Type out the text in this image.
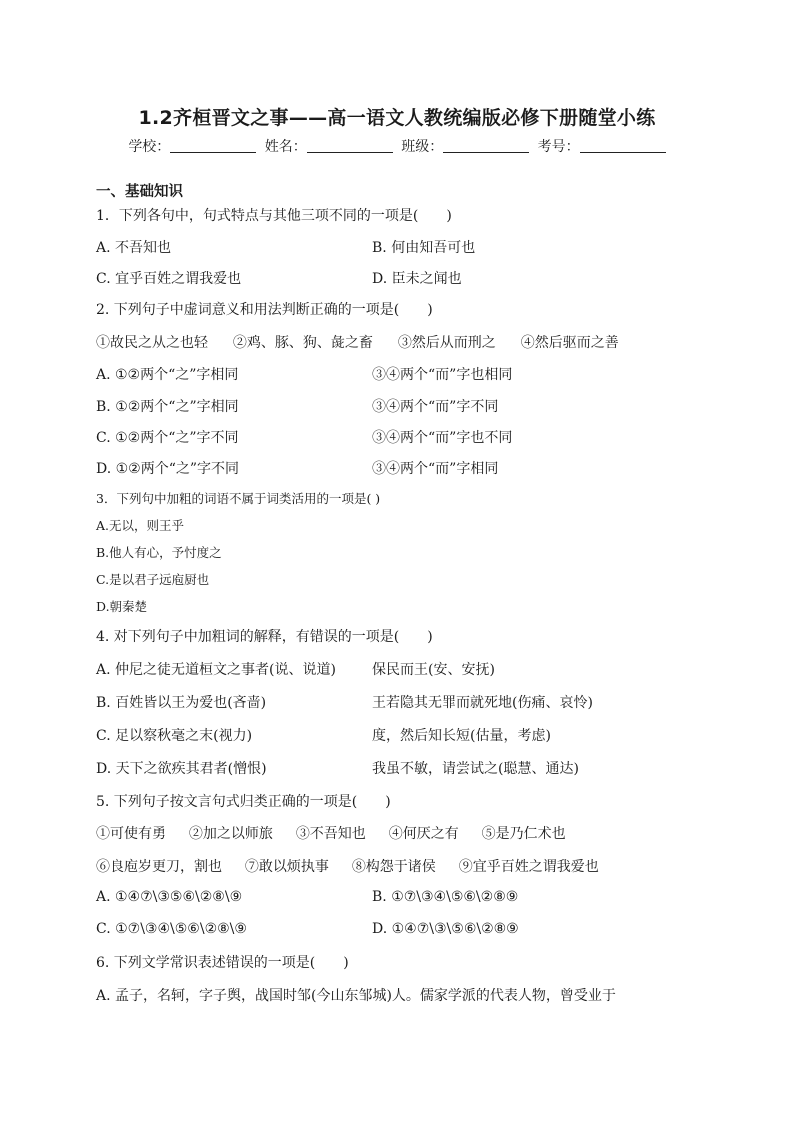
1.2齐桓晋文之事——高一语文人教统编版必修下册随堂小练
学校：	姓名：	班级：	考号：
一、基础知识
1．下列各句中，句式特点与其他三项不同的一项是(　　)
A. 不吾知也	B. 何由知吾可也
C. 宜乎百姓之谓我爱也	D. 臣未之闻也
2. 下列句子中虚词意义和用法判断正确的一项是(　　)
①故民之从之也轻 ②鸡、豚、狗、彘之畜 ③然后从而刑之 ④然后驱而之善
A. ①②两个“之”字相同	③④两个“而”字也相同
B. ①②两个“之”字相同	③④两个“而”字不同
C. ①②两个“之”字不同	③④两个“而”字也不同
D. ①②两个“之”字不同	③④两个“而”字相同
3．下列句中加粗的词语不属于词类活用的一项是( )
A.无以，则王乎
B.他人有心，予忖度之
C.是以君子远庖厨也
D.朝秦楚
4. 对下列句子中加粗词的解释，有错误的一项是(　　)
A. 仲尼之徒无道桓文之事者(说、说道)	保民而王(安、安抚)
B. 百姓皆以王为爱也(吝啬)	王若隐其无罪而就死地(伤痛、哀怜)
C. 足以察秋毫之末(视力)	度，然后知长短(估量，考虑)
D. 天下之欲疾其君者(憎恨)	我虽不敏，请尝试之(聪慧、通达)
5. 下列句子按文言句式归类正确的一项是(　　)
①可使有勇 ②加之以师旅 ③不吾知也 ④何厌之有 ⑤是乃仁术也
⑥良庖岁更刀，割也 ⑦敢以烦执事 ⑧构怨于诸侯 ⑨宜乎百姓之谓我爱也
A. ①④⑦\③⑤⑥\②⑧\⑨	B. ①⑦\③④\⑤⑥\②⑧⑨
C. ①⑦\③④\⑤⑥\②⑧\⑨	D. ①④⑦\③\⑤⑥\②⑧⑨
6. 下列文学常识表述错误的一项是(　　)
A. 孟子，名轲，字子舆，战国时邹(今山东邹城)人。儒家学派的代表人物，曾受业于
